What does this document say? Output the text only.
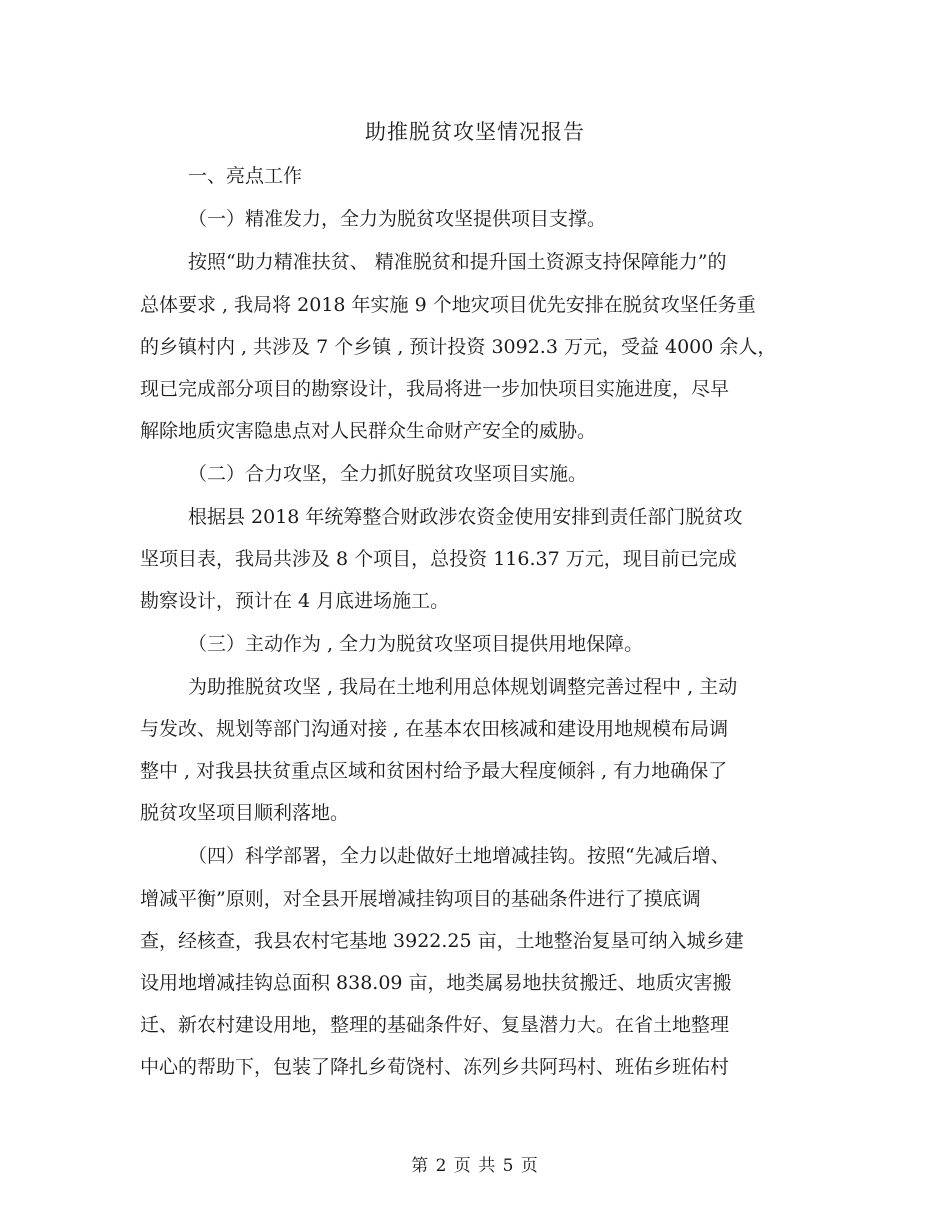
助推脱贫攻坚情况报告
一、亮点工作
（一）精准发力，全力为脱贫攻坚提供项目支撑。
按照“助力精准扶贫、 精准脱贫和提升国土资源支持保障能力”的
总体要求 , 我局将 2018 年实施 9 个地灾项目优先安排在脱贫攻坚任务重
的乡镇村内 , 共涉及 7 个乡镇 , 预计投资 3092.3 万元，受益 4000 余人，
现已完成部分项目的勘察设计，我局将进一步加快项目实施进度，尽早
解除地质灾害隐患点对人民群众生命财产安全的威胁。
（二）合力攻坚，全力抓好脱贫攻坚项目实施。
根据县 2018 年统筹整合财政涉农资金使用安排到责任部门脱贫攻
坚项目表，我局共涉及 8 个项目，总投资 116.37 万元，现目前已完成
勘察设计，预计在 4 月底进场施工。
（三）主动作为 , 全力为脱贫攻坚项目提供用地保障。
为助推脱贫攻坚 , 我局在土地利用总体规划调整完善过程中 , 主动
与发改、规划等部门沟通对接 , 在基本农田核减和建设用地规模布局调
整中 , 对我县扶贫重点区域和贫困村给予最大程度倾斜 , 有力地确保了
脱贫攻坚项目顺利落地。
（四）科学部署，全力以赴做好土地增减挂钩。按照“先减后增、
增减平衡”原则，对全县开展增减挂钩项目的基础条件进行了摸底调
查，经核查，我县农村宅基地 3922.25 亩，土地整治复垦可纳入城乡建
设用地增减挂钩总面积 838.09 亩，地类属易地扶贫搬迁、地质灾害搬
迁、新农村建设用地，整理的基础条件好、复垦潜力大。在省土地整理
中心的帮助下，包装了降扎乡荀饶村、冻列乡共阿玛村、班佑乡班佑村
第 2 页 共 5 页
